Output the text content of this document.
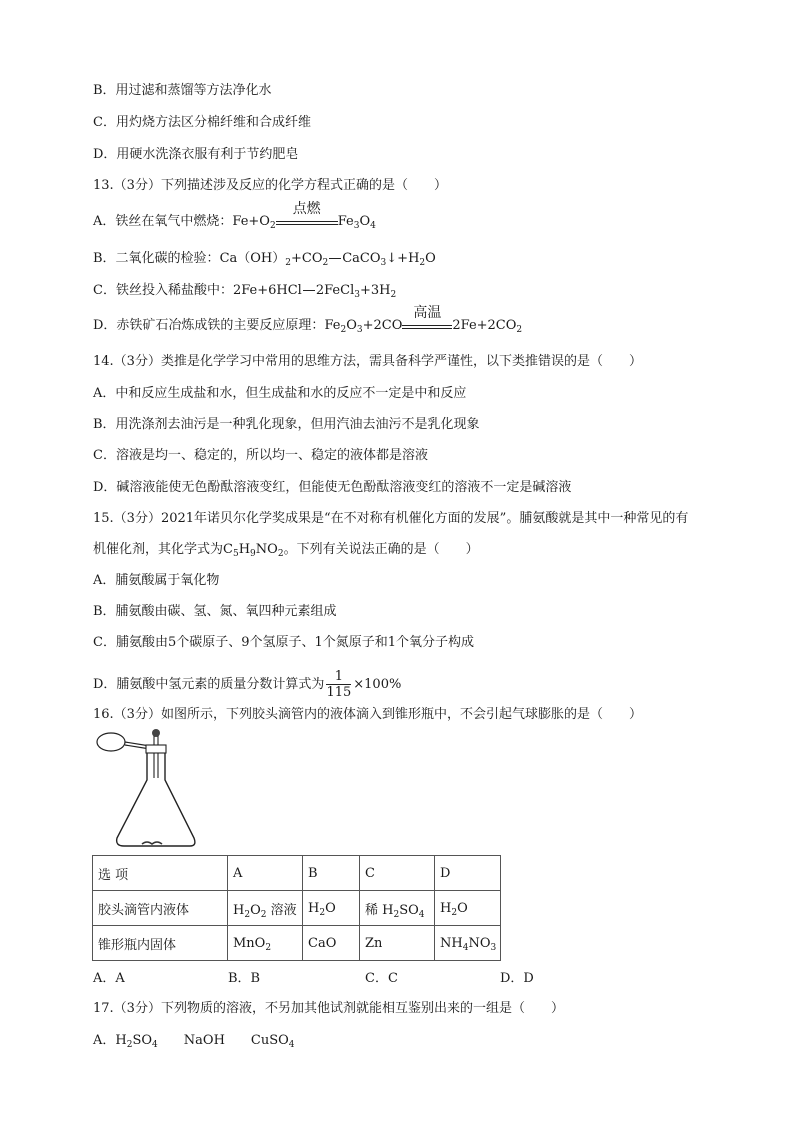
B．用过滤和蒸馏等方法净化水
C．用灼烧方法区分棉纤维和合成纤维
D．用硬水洗涤衣服有利于节约肥皂
13.（3分）下列描述涉及反应的化学方程式正确的是（　　）
A．铁丝在氧气中燃烧：$Fe+O_2$
点燃
$Fe_3O_4$
B．二氧化碳的检验：$Ca(OH)_2+CO_2$ $CaCO_3↓+H_2O$
C．铁丝投入稀盐酸中：2Fe+6HCl $2FeCl_3+3H_2$
D．赤铁矿石冶炼成铁的主要反应原理：$Fe_2O_3+2CO$
高温
$2Fe+2CO_2$
14.（3分）类推是化学学习中常用的思维方法，需具备科学严谨性，以下类推错误的是（　　）
A．中和反应生成盐和水，但生成盐和水的反应不一定是中和反应
B．用洗涤剂去油污是一种乳化现象，但用汽油去油污不是乳化现象
C．溶液是均一、稳定的，所以均一、稳定的液体都是溶液
D．碱溶液能使无色酚酞溶液变红，但能使无色酚酞溶液变红的溶液不一定是碱溶液
15.（3分）2021年诺贝尔化学奖成果是“在不对称有机催化方面的发展”。脯氨酸就是其中一种常见的有
机催化剂，其化学式为$C_5H_9NO_2$。下列有关说法正确的是（　　）
A．脯氨酸属于氧化物
B．脯氨酸由碳、氢、氮、氧四种元素组成
C．脯氨酸由5个碳原子、9个氢原子、1个氮原子和1个氧分子构成
D．脯氨酸中氢元素的质量分数计算式为 $\frac{1}{115} \times 100\%$
16.（3分）如图所示，下列胶头滴管内的液体滴入到锥形瓶中，不会引起气球膨胀的是（　　）
选 项	A	B	C	D
胶头滴管内液体	$H_2O_2$ 溶液	$H_2O$	稀 $H_2SO_4$	$H_2O$
锥形瓶内固体	MnO$_2$	CaO	Zn	$NH_4NO_3$
A．A	B．B	C．C	D．D
17.（3分）下列物质的溶液，不另加其他试剂就能相互鉴别出来的一组是（　　）
A．$H_2SO_4$ NaOH CuSO$_4$
